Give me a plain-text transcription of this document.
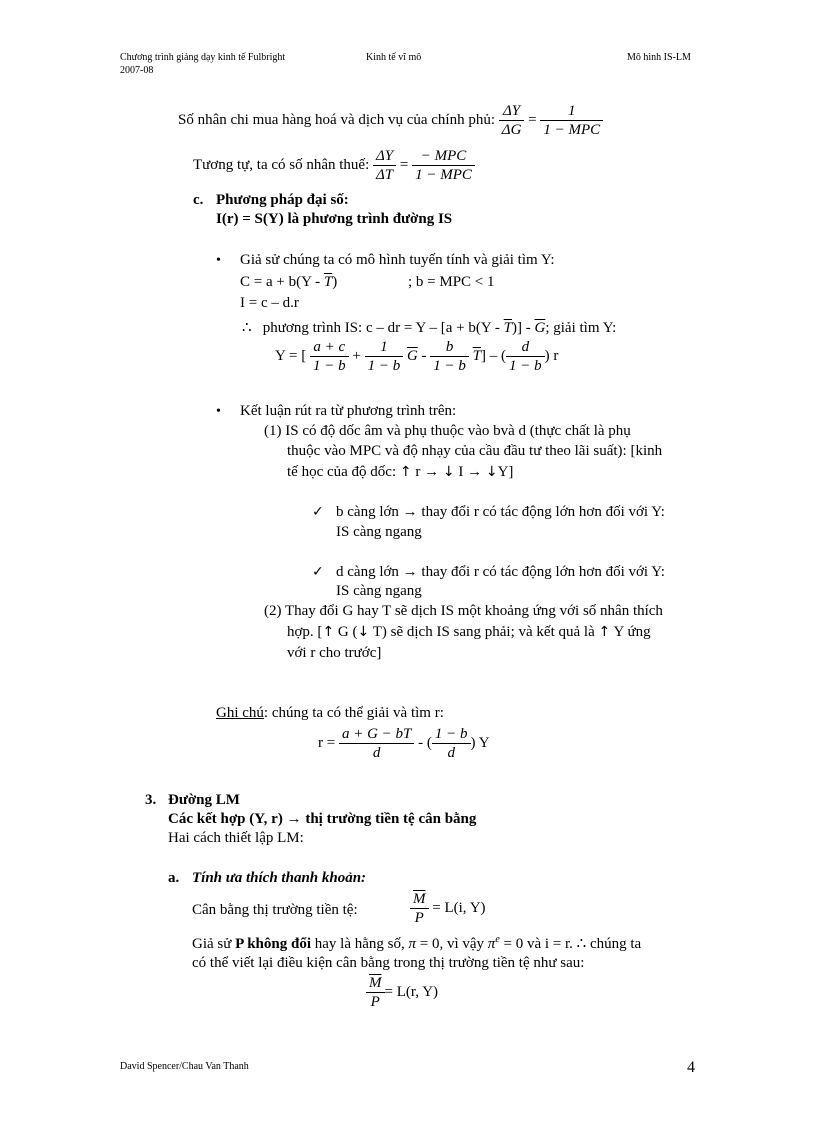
Chương trình giảng dạy kinh tế Fulbright
2007-08
Kinh tế vĩ mô	Mô hình IS-LM
Số nhân chi mua hàng hoá và dịch vụ của chính phủ: $\frac{\Delta Y}{\Delta G} = \frac{1}{\text{1 − MPC}}$
Tương tự, ta có số nhân thuế: $\frac{\Delta Y}{\Delta T} = \frac{\text{− MPC}}{\text{1 − MPC}}$
c. Phương pháp đại số:
I(r) = S(Y) là phương trình đường IS
• Giả sử chúng ta có mô hình tuyến tính và giải tìm Y:
$C = a + b(Y - \overline{T})$	; b = MPC < 1
I = c – d.r
∴ phương trình IS: c – dr = $Y - [a + b(Y - \overline{T})] - \overline{G}$; giải tìm Y:
Y = [ $\frac{a + c}{1 - b} + \frac{1}{1 - b} \overline{G} - \frac{b}{1 - b} \overline{T}$] – ( $\frac{d}{1 - b}$ ) r
• Kết luận rút ra từ phương trình trên:
(1) IS có độ dốc âm và phụ thuộc vào bvà d (thực chất là phụ
thuộc vào MPC và độ nhạy của cầu đầu tư theo lãi suất): [kinh
tế học của độ dốc: ↑ r → ↓ I → ↓Y]
✓ b càng lớn → thay đổi r có tác động lớn hơn đối với Y:
IS càng ngang
✓ d càng lớn → thay đổi r có tác động lớn hơn đối với Y:
IS càng ngang
(2) Thay đổi G hay T sẽ dịch IS một khoảng ứng với số nhân thích
hợp. [↑ G (↓ T) sẽ dịch IS sang phải; và kết quả là ↑ Y ứng
với r cho trước]
Ghi chú: chúng ta có thể giải và tìm r:
$r = \frac{a + G - bT}{d}$ - ( $\frac{1 - b}{d}$ ) Y
3. Đường LM
Các kết hợp (Y, r) → thị trường tiền tệ cân bằng
Hai cách thiết lập LM:
a. Tính ưa thích thanh khoản:
Cân bằng thị trường tiền tệ:	$\frac{\overline{M}}{P} = L(i$, Y)
Giả sử P không đổi hay là hằng số, π = 0, vì vậy $\pi^e = 0$ và i = r. ∴ chúng ta
có thể viết lại điều kiện cân bằng trong thị trường tiền tệ như sau:
$\frac{\overline{M}}{P} = L(r$, Y)
David Spencer/Chau Van Thanh	4
